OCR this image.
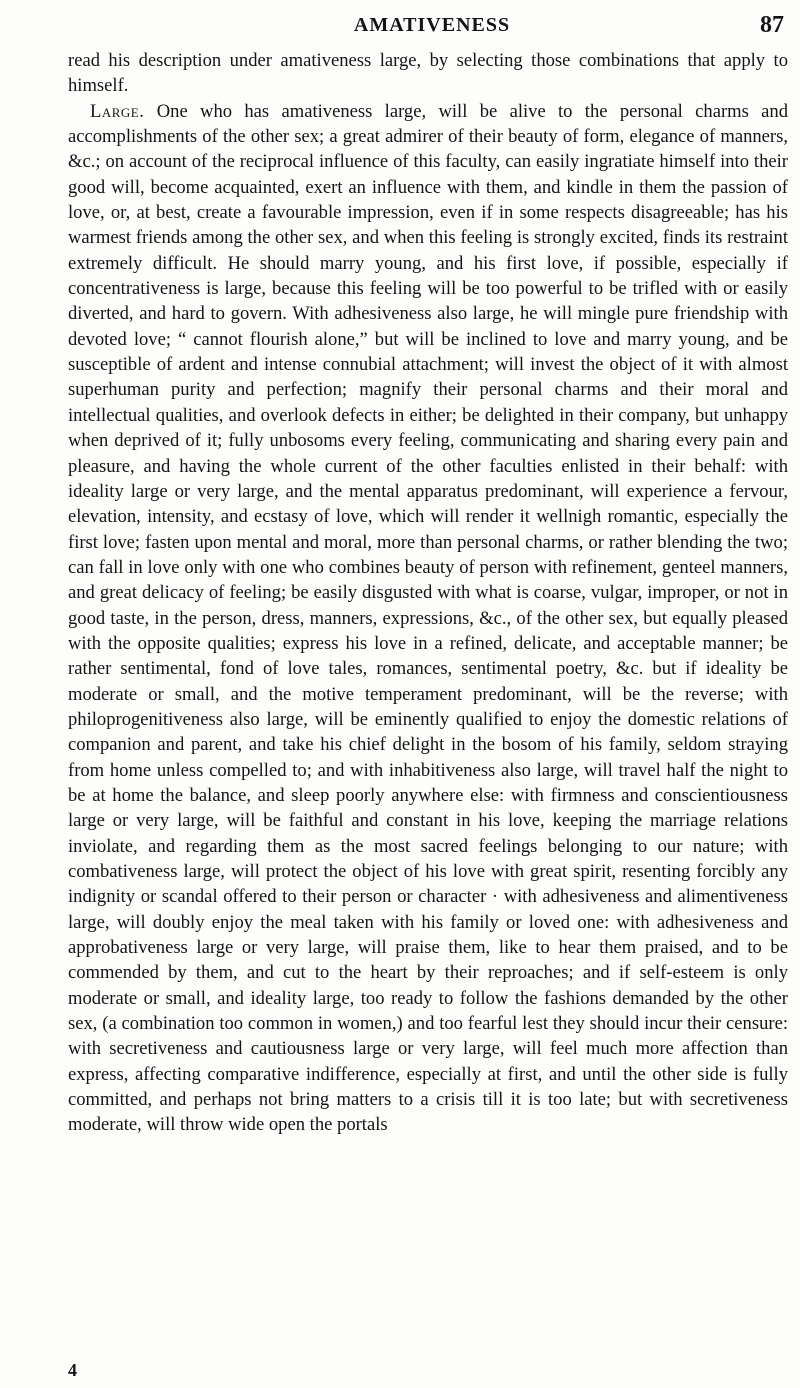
AMATIVENESS	87

read his description under amativeness large, by selecting those combinations that apply to himself.

Large. One who has amativeness large, will be alive to the personal charms and accomplishments of the other sex; a great admirer of their beauty of form, elegance of manners, &c.; on account of the reciprocal influence of this faculty, can easily ingratiate himself into their good will, become acquainted, exert an influence with them, and kindle in them the passion of love, or, at best, create a favourable impression, even if in some respects disagreeable; has his warmest friends among the other sex, and when this feeling is strongly excited, finds its restraint extremely difficult. He should marry young, and his first love, if possible, especially if concentrativeness is large, because this feeling will be too powerful to be trifled with or easily diverted, and hard to govern. With adhesiveness also large, he will mingle pure friendship with devoted love; “ cannot flourish alone,” but will be inclined to love and marry young, and be susceptible of ardent and intense connubial attachment; will invest the object of it with almost superhuman purity and perfection; magnify their personal charms and their moral and intellectual qualities, and overlook defects in either; be delighted in their company, but unhappy when deprived of it; fully unbosoms every feeling, communicating and sharing every pain and pleasure, and having the whole current of the other faculties enlisted in their behalf: with ideality large or very large, and the mental apparatus predominant, will experience a fervour, elevation, intensity, and ecstasy of love, which will render it wellnigh romantic, especially the first love; fasten upon mental and moral, more than personal charms, or rather blending the two; can fall in love only with one who combines beauty of person with refinement, genteel manners, and great delicacy of feeling; be easily disgusted with what is coarse, vulgar, improper, or not in good taste, in the person, dress, manners, expressions, &c., of the other sex, but equally pleased with the opposite qualities; express his love in a refined, delicate, and acceptable manner; be rather sentimental, fond of love tales, romances, sentimental poetry, &c. but if ideality be moderate or small, and the motive temperament predominant, will be the reverse; with philoprogenitiveness also large, will be eminently qualified to enjoy the domestic relations of companion and parent, and take his chief delight in the bosom of his family, seldom straying from home unless compelled to; and with inhabitiveness also large, will travel half the night to be at home the balance, and sleep poorly anywhere else: with firmness and conscientiousness large or very large, will be faithful and constant in his love, keeping the marriage relations inviolate, and regarding them as the most sacred feelings belonging to our nature; with combativeness large, will protect the object of his love with great spirit, resenting forcibly any indignity or scandal offered to their person or character · with adhesiveness and alimentiveness large, will doubly enjoy the meal taken with his family or loved one: with adhesiveness and approbativeness large or very large, will praise them, like to hear them praised, and to be commended by them, and cut to the heart by their reproaches; and if self-esteem is only moderate or small, and ideality large, too ready to follow the fashions demanded by the other sex, (a combination too common in women,) and too fearful lest they should incur their censure: with secretiveness and cautiousness large or very large, will feel much more affection than express, affecting comparative indifference, especially at first, and until the other side is fully committed, and perhaps not bring matters to a crisis till it is too late; but with secretiveness moderate, will throw wide open the portals

4
